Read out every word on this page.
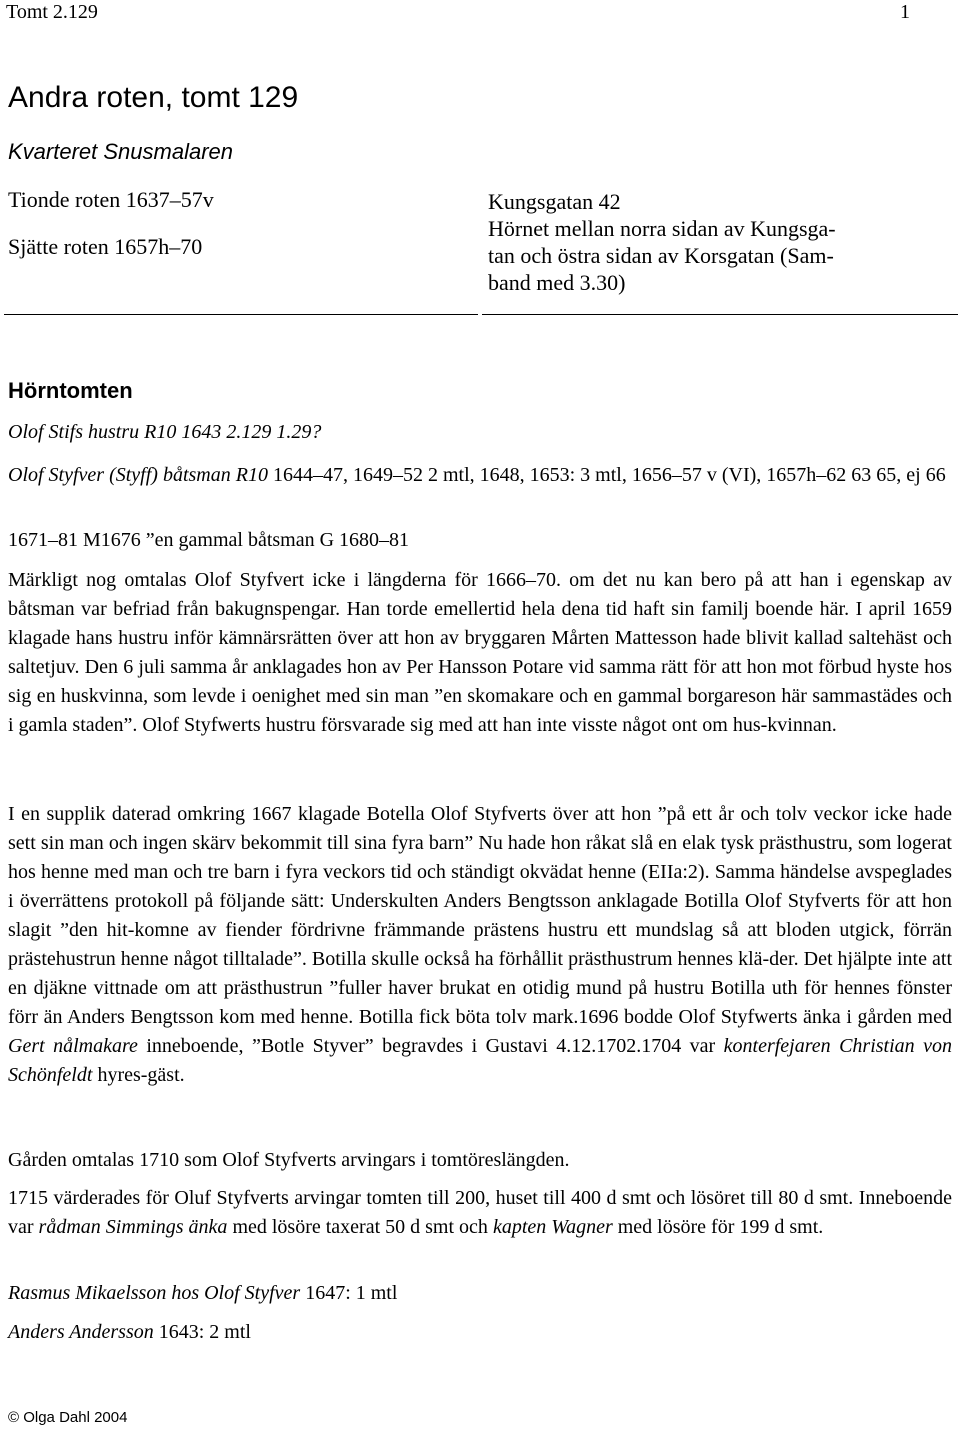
Tomt 2.129	1
Andra roten, tomt 129
Kvarteret Snusmalaren
Tionde roten 1637–57v
Sjätte roten 1657h–70
Kungsgatan 42
Hörnet mellan norra sidan av Kungsga-
tan och östra sidan av Korsgatan (Sam-
band med 3.30)
Hörntomten
Olof Stifs hustru R10 1643 2.129 1.29?
Olof Styfver (Styff) båtsman R10 1644–47, 1649–52 2 mtl, 1648, 1653: 3 mtl, 1656–57 v (VI), 1657h–62 63 65, ej 66
1671–81 M1676 ”en gammal båtsman G 1680–81
Märkligt nog omtalas Olof Styfvert icke i längderna för 1666–70. om det nu kan bero på att han i egenskap av båtsman var befriad från bakugnspengar. Han torde emellertid hela dena tid haft sin familj boende här. I april 1659 klagade hans hustru inför kämnärsrätten över att hon av bryggaren Mårten Mattesson hade blivit kallad saltehäst och saltetjuv. Den 6 juli samma år anklagades hon av Per Hansson Potare vid samma rätt för att hon mot förbud hyste hos sig en huskvinna, som levde i oenighet med sin man ”en skomakare och en gammal borgareson här sammastädes och i gamla staden”. Olof Styfwerts hustru försvarade sig med att han inte visste något ont om hus-kvinnan.
I en supplik daterad omkring 1667 klagade Botella Olof Styfverts över att hon ”på ett år och tolv veckor icke hade sett sin man och ingen skärv bekommit till sina fyra barn” Nu hade hon råkat slå en elak tysk prästhustru, som logerat hos henne med man och tre barn i fyra veckors tid och ständigt okvädat henne (EIIa:2). Samma händelse avspeglades i överrättens protokoll på följande sätt: Underskulten Anders Bengtsson anklagade Botilla Olof Styfverts för att hon slagit ”den hit-komne av fiender fördrivne främmande prästens hustru ett mundslag så att bloden utgick, förrän prästehustrun henne något tilltalade”. Botilla skulle också ha förhållit prästhustrum hennes klä-der. Det hjälpte inte att en djäkne vittnade om att prästhustrun ”fuller haver brukat en otidig mund på hustru Botilla uth för hennes fönster förr än Anders Bengtsson kom med henne. Botilla fick böta tolv mark.1696 bodde Olof Styfwerts änka i gården med Gert nålmakare inneboende, ”Botle Styver” begravdes i Gustavi 4.12.1702.1704 var konterfejaren Christian von Schönfeldt hyres-gäst.
Gården omtalas 1710 som Olof Styfverts arvingars i tomtöreslängden.
1715 värderades för Oluf Styfverts arvingar tomten till 200, huset till 400 d smt och lösöret till 80 d smt. Inneboende var rådman Simmings änka med lösöre taxerat 50 d smt och kapten Wagner med lösöre för 199 d smt.
Rasmus Mikaelsson hos Olof Styfver 1647: 1 mtl
Anders Andersson 1643: 2 mtl
© Olga Dahl 2004
